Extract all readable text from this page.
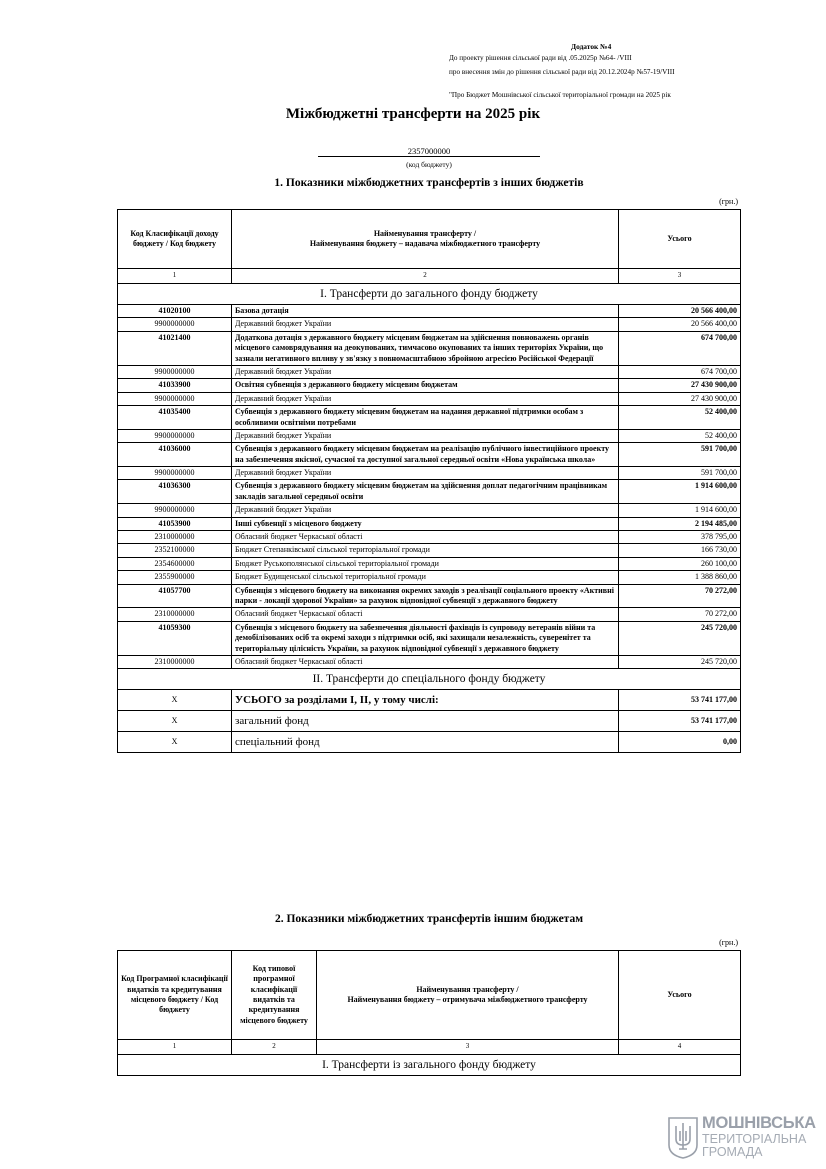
Додаток №4
До проекту рішення сільської ради від .05.2025р №64- /VIII
про внесення змін до рішення сільської ради від 20.12.2024р №57-19/VIII
"Про Бюджет Мошнівської сільської територіальної громади на 2025 рік
Міжбюджетні трансферти на 2025 рік
2357000000
(код бюджету)
1. Показники міжбюджетних трансфертів з інших бюджетів
(грн.)
Код Класифікації доходу бюджету / Код бюджету	Найменування трансферту /
Найменування бюджету – надавача міжбюджетного трансферту	Усього
1	2	3
І. Трансферти до загального фонду бюджету		
41020100	Базова дотація	20 566 400,00
9900000000	Державний бюджет України	20 566 400,00
41021400	Додаткова дотація з державного бюджету місцевим бюджетам на здійснення повноважень органів місцевого самоврядування на деокупованих, тимчасово окупованих та інших територіях України, що зазнали негативного впливу у зв'язку з повномасштабною збройною агресією Російської Федерації	674 700,00
9900000000	Державний бюджет України	674 700,00
41033900	Освітня субвенція з державного бюджету місцевим бюджетам	27 430 900,00
9900000000	Державний бюджет України	27 430 900,00
41035400	Субвенція з державного бюджету місцевим бюджетам на надання державної підтримки особам з особливими освітніми потребами	52 400,00
9900000000	Державний бюджет України	52 400,00
41036000	Субвенція з державного бюджету місцевим бюджетам на реалізацію публічного інвестиційного проекту на забезпечення якісної, сучасної та доступної загальної середньої освіти «Нова українська школа»	591 700,00
9900000000	Державний бюджет України	591 700,00
41036300	Субвенція з державного бюджету місцевим бюджетам на здійснення доплат педагогічним працівникам закладів загальної середньої освіти	1 914 600,00
9900000000	Державний бюджет України	1 914 600,00
41053900	Інші субвенції з місцевого бюджету	2 194 485,00
2310000000	Обласний бюджет Черкаської області	378 795,00
2352100000	Бюджет Степанківської сільської територіальної громади	166 730,00
2354600000	Бюджет Руськополянської сільської територіальної громади	260 100,00
2355900000	Бюджет Будищенської сільської територіальної громади	1 388 860,00
41057700	Субвенція з місцевого бюджету на виконання окремих заходів з реалізації соціального проекту «Активні парки - локації здорової України» за рахунок відповідної субвенції з державного бюджету	70 272,00
2310000000	Обласний бюджет Черкаської області	70 272,00
41059300	Субвенція з місцевого бюджету на забезпечення діяльності фахівців із супроводу ветеранів війни та демобілізованих осіб та окремі заходи з підтримки осіб, які захищали незалежність, суверенітет та територіальну цілісність України, за рахунок відповідної субвенції з державного бюджету	245 720,00
2310000000	Обласний бюджет Черкаської області	245 720,00
ІІ. Трансферти до спеціального фонду бюджету		
Х	УСЬОГО за розділами І, ІІ, у тому числі:	53 741 177,00
Х	загальний фонд	53 741 177,00
Х	спеціальний фонд	0,00
2. Показники міжбюджетних трансфертів іншим бюджетам
(грн.)
Код Програмної класифікації видатків та кредитування місцевого бюджету / Код бюджету	Код типової програмної класифікації видатків та кредитування місцевого бюджету	Найменування трансферту /
Найменування бюджету – отримувача міжбюджетного трансферту	Усього
1	2	3	4
І. Трансферти із загального фонду бюджету			
МОШНІВСЬКА
ТЕРИТОРІАЛЬНА
ГРОМАДА
